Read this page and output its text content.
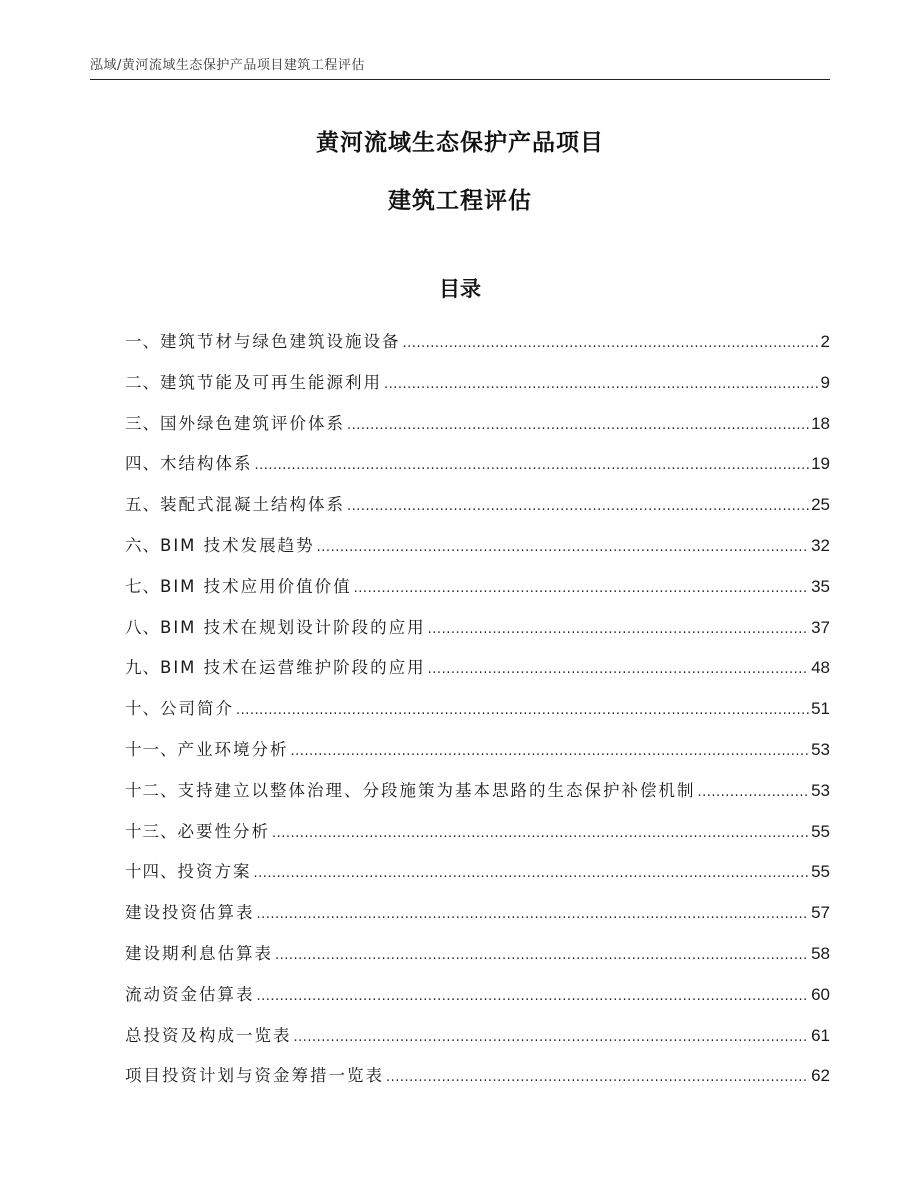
泓域/黄河流域生态保护产品项目建筑工程评估
黄河流域生态保护产品项目
建筑工程评估
目录
一、 建筑节材与绿色建筑设施设备 .....	2
二、 建筑节能及可再生能源利用 .....	9
三、 国外绿色建筑评价体系 .....	18
四、 木结构体系 .....	19
五、 装配式混凝土结构体系 .....	25
六、 BIM 技术发展趋势 .....	32
七、 BIM 技术应用价值价值 .....	35
八、 BIM 技术在规划设计阶段的应用 .....	37
九、 BIM 技术在运营维护阶段的应用 .....	48
十、 公司简介 .....	51
十一、 产业环境分析 .....	53
十二、 支持建立以整体治理、分段施策为基本思路的生态保护补偿机制 .....	53
十三、 必要性分析 .....	55
十四、 投资方案 .....	55
建设投资估算表 .....	57
建设期利息估算表 .....	58
流动资金估算表 .....	60
总投资及构成一览表 .....	61
项目投资计划与资金筹措一览表 .....	62
